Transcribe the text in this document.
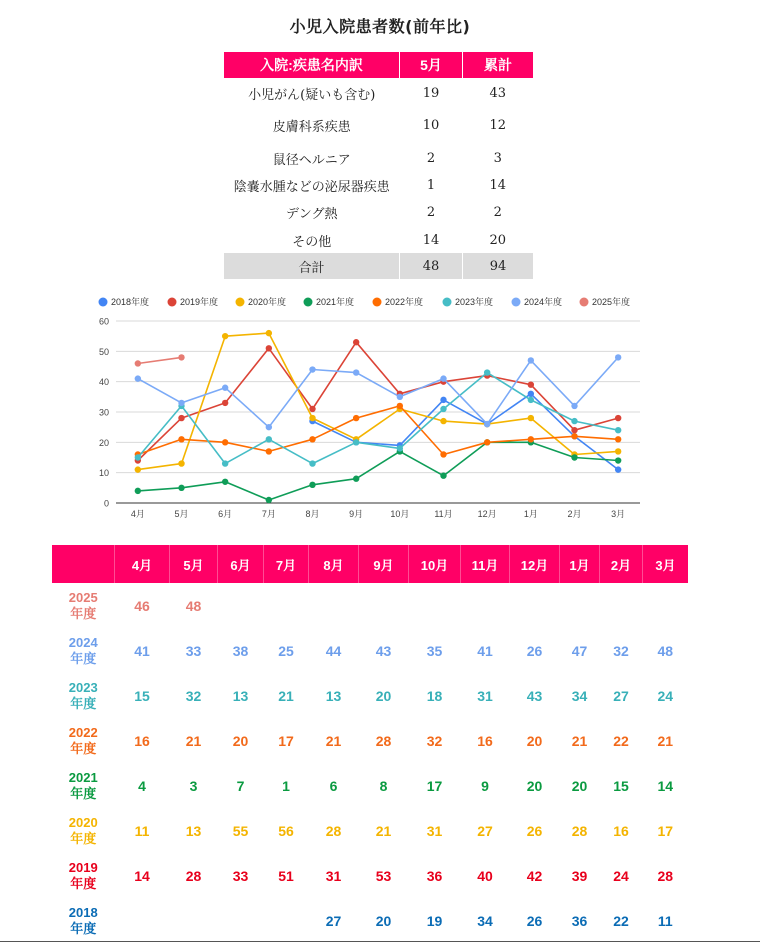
小児入院患者数(前年比)
入院:疾患名内訳	5月	累計
小児がん(疑いも含む)	19	43
皮膚科系疾患	10	12
鼠径ヘルニア	2	3
陰嚢水腫などの泌尿器疾患	1	14
デング熱	2	2
その他	14	20
合計	48	94
0
10
20
30
40
50
60
4月	5月	6月	7月	8月	9月	10月	11月	12月	1月	2月	3月
2018年度	2019年度	2020年度	2021年度	2022年度	2023年度	2024年度	2025年度
	4月	5月	6月	7月	8月	9月	10月	11月	12月	1月	2月	3月

2025
年度	46	48										

2024
年度	41	33	38	25	44	43	35	41	26	47	32	48

2023
年度	15	32	13	21	13	20	18	31	43	34	27	24

2022
年度	16	21	20	17	21	28	32	16	20	21	22	21

2021
年度	4	3	7	1	6	8	17	9	20	20	15	14

2020
年度	11	13	55	56	28	21	31	27	26	28	16	17

2019
年度	14	28	33	51	31	53	36	40	42	39	24	28

2018
年度					27	20	19	34	26	36	22	11
